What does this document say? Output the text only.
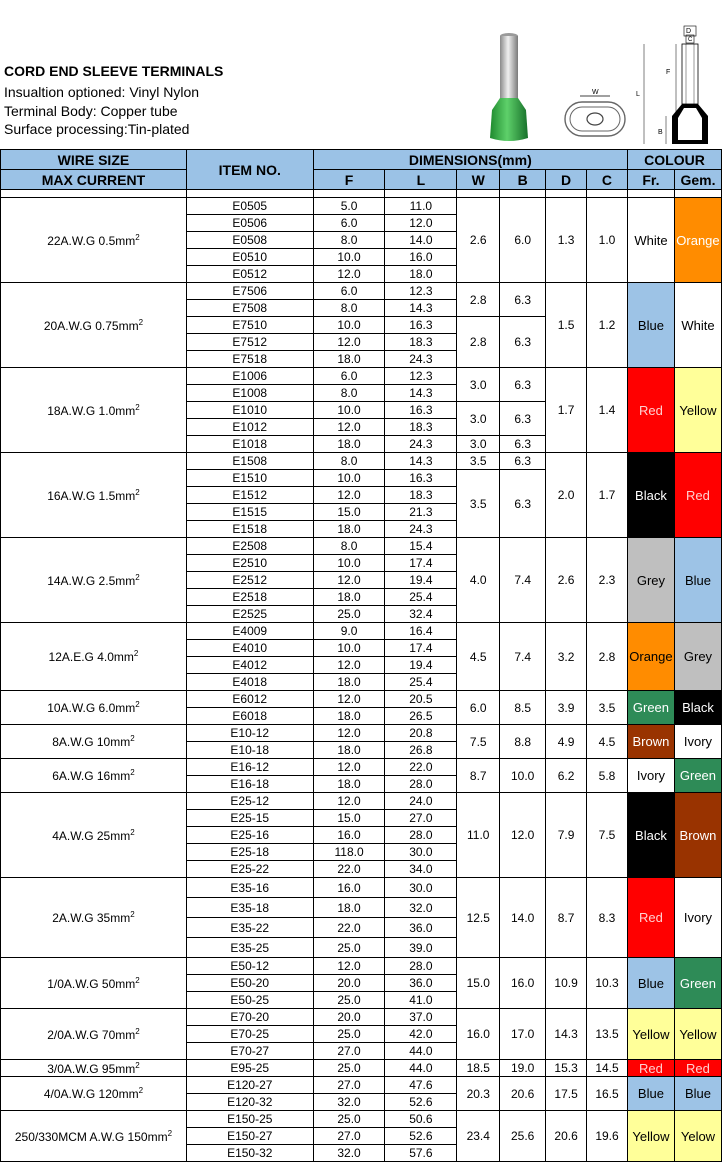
CORD END SLEEVE TERMINALS
Insualtion optioned: Vinyl Nylon
Terminal Body: Copper tube
Surface processing:Tin-plated
W
D
C
F
L
B
WIRE SIZE	ITEM NO.	DIMENSIONS(mm)						COLOUR	
MAX CURRENT		F	L	W	B	D	C	Fr.	Gem.

22A.W.G $0.5mm^2$	E0505	5.0	11.0	2.6	6.0	1.3	1.0	White	Orange
	E0506	6.0	12.0						
	E0508	8.0	14.0						
	E0510	10.0	16.0						
	E0512	12.0	18.0						
20A.W.G $0.75mm^2$	E7506	6.0	12.3	2.8	6.3	1.5	1.2	Blue	White
	E7508	8.0	14.3						
	E7510	10.0	16.3	2.8	6.3				
	E7512	12.0	18.3						
	E7518	18.0	24.3						
18A.W.G $1.0mm^2$	E1006	6.0	12.3	3.0	6.3	1.7	1.4	Red	Yellow
	E1008	8.0	14.3						
	E1010	10.0	16.3	3.0	6.3				
	E1012	12.0	18.3						
	E1018	18.0	24.3	3.0	6.3				
16A.W.G $1.5mm^2$	E1508	8.0	14.3	3.5	6.3	2.0	1.7	Black	Red
	E1510	10.0	16.3	3.5	6.3				
	E1512	12.0	18.3						
	E1515	15.0	21.3						
	E1518	18.0	24.3						
14A.W.G $2.5mm^2$	E2508	8.0	15.4	4.0	7.4	2.6	2.3	Grey	Blue
	E2510	10.0	17.4						
	E2512	12.0	19.4						
	E2518	18.0	25.4						
	E2525	25.0	32.4						
12A.E.G $4.0mm^2$	E4009	9.0	16.4	4.5	7.4	3.2	2.8	Orange	Grey
	E4010	10.0	17.4						
	E4012	12.0	19.4						
	E4018	18.0	25.4						
10A.W.G $6.0mm^2$	E6012	12.0	20.5	6.0	8.5	3.9	3.5	Green	Black
	E6018	18.0	26.5						
8A.W.G $10mm^2$	E10-12	12.0	20.8	7.5	8.8	4.9	4.5	Brown	Ivory
	E10-18	18.0	26.8						
6A.W.G $16mm^2$	E16-12	12.0	22.0	8.7	10.0	6.2	5.8	Ivory	Green
	E16-18	18.0	28.0						
4A.W.G $25mm^2$	E25-12	12.0	24.0	11.0	12.0	7.9	7.5	Black	Brown
	E25-15	15.0	27.0						
	E25-16	16.0	28.0						
	E25-18	118.0	30.0						
	E25-22	22.0	34.0						
2A.W.G $35mm^2$	E35-16	16.0	30.0	12.5	14.0	8.7	8.3	Red	Ivory
	E35-18	18.0	32.0						
	E35-22	22.0	36.0						
	E35-25	25.0	39.0						
1/0A.W.G $50mm^2$	E50-12	12.0	28.0	15.0	16.0	10.9	10.3	Blue	Green
	E50-20	20.0	36.0						
	E50-25	25.0	41.0						
2/0A.W.G $70mm^2$	E70-20	20.0	37.0	16.0	17.0	14.3	13.5	Yellow	Yellow
	E70-25	25.0	42.0						
	E70-27	27.0	44.0						
3/0A.W.G $95mm^2$	E95-25	25.0	44.0	18.5	19.0	15.3	14.5	Red	Red
4/0A.W.G $120mm^2$	E120-27	27.0	47.6	20.3	20.6	17.5	16.5	Blue	Blue
	E120-32	32.0	52.6						
250/330MCM A.W.G $150mm^2$	E150-25	25.0	50.6	23.4	25.6	20.6	19.6	Yellow	Yelow
	E150-27	27.0	52.6						
	E150-32	32.0	57.6						
